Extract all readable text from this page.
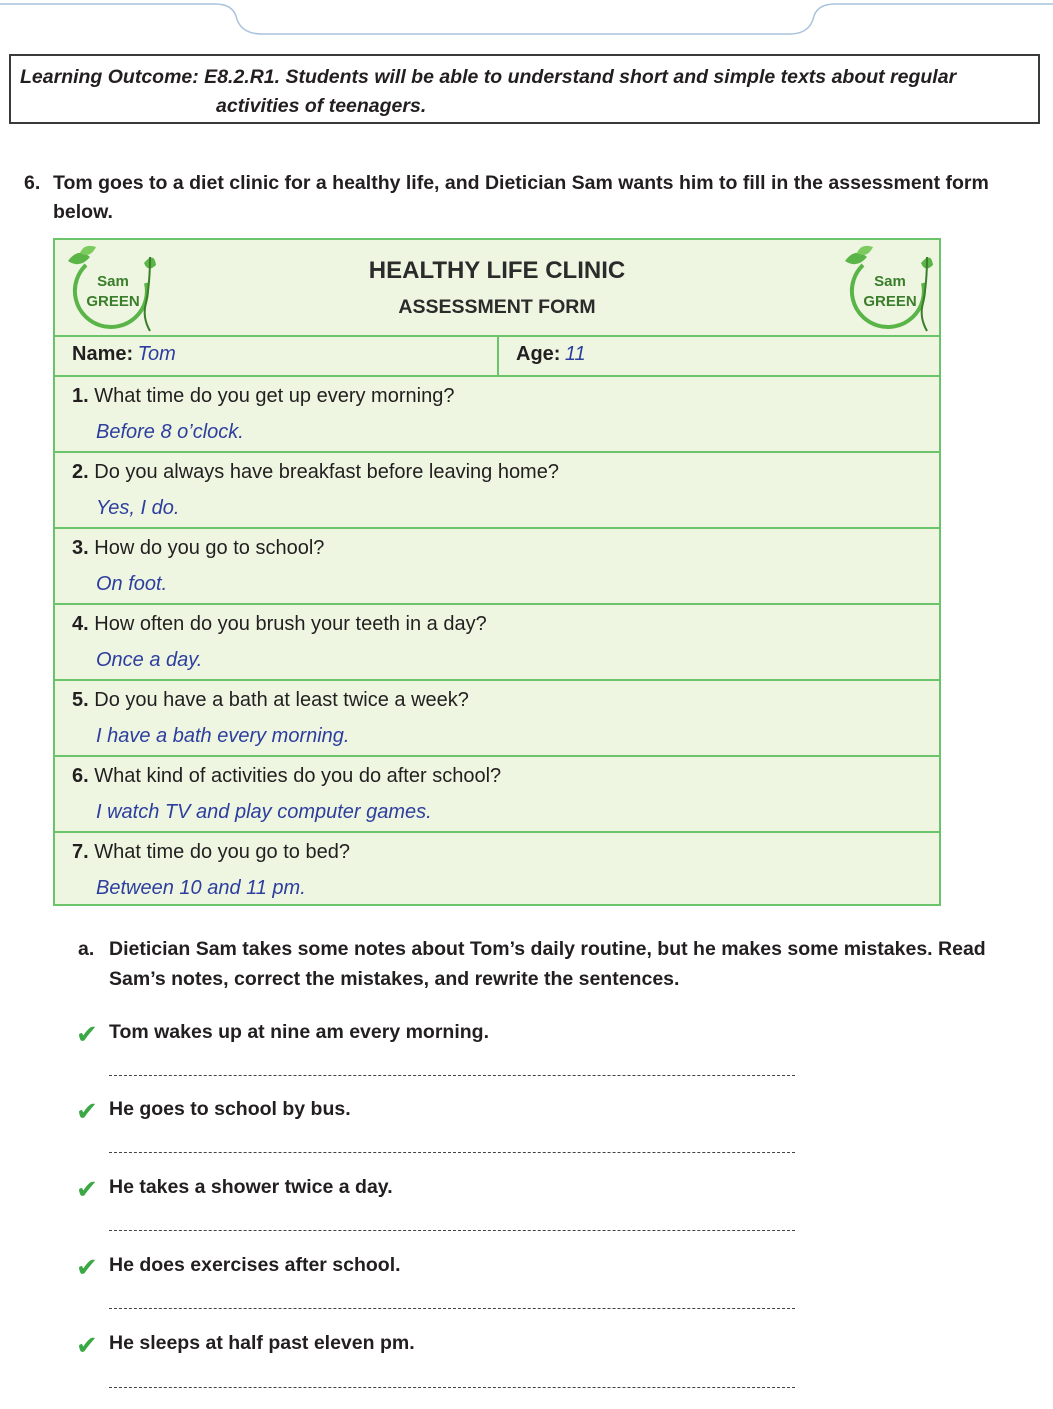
Learning Outcome: E8.2.R1. Students will be able to understand short and simple texts about regular
activities of teenagers.
6. Tom goes to a diet clinic for a healthy life, and Dietician Sam wants him to fill in the assessment form below.
Sam
GREEN
HEALTHY LIFE CLINIC
ASSESSMENT FORM
Sam
GREEN
Name: Tom	Age: 11
1. What time do you get up every morning?
Before 8 o’clock.
2. Do you always have breakfast before leaving home?
Yes, I do.
3. How do you go to school?
On foot.
4. How often do you brush your teeth in a day?
Once a day.
5. Do you have a bath at least twice a week?
I have a bath every morning.
6. What kind of activities do you do after school?
I watch TV and play computer games.
7. What time do you go to bed?
Between 10 and 11 pm.
a. Dietician Sam takes some notes about Tom’s daily routine, but he makes some mistakes. Read Sam’s notes, correct the mistakes, and rewrite the sentences.
✔ Tom wakes up at nine am every morning.
✔ He goes to school by bus.
✔ He takes a shower twice a day.
✔ He does exercises after school.
✔ He sleeps at half past eleven pm.
